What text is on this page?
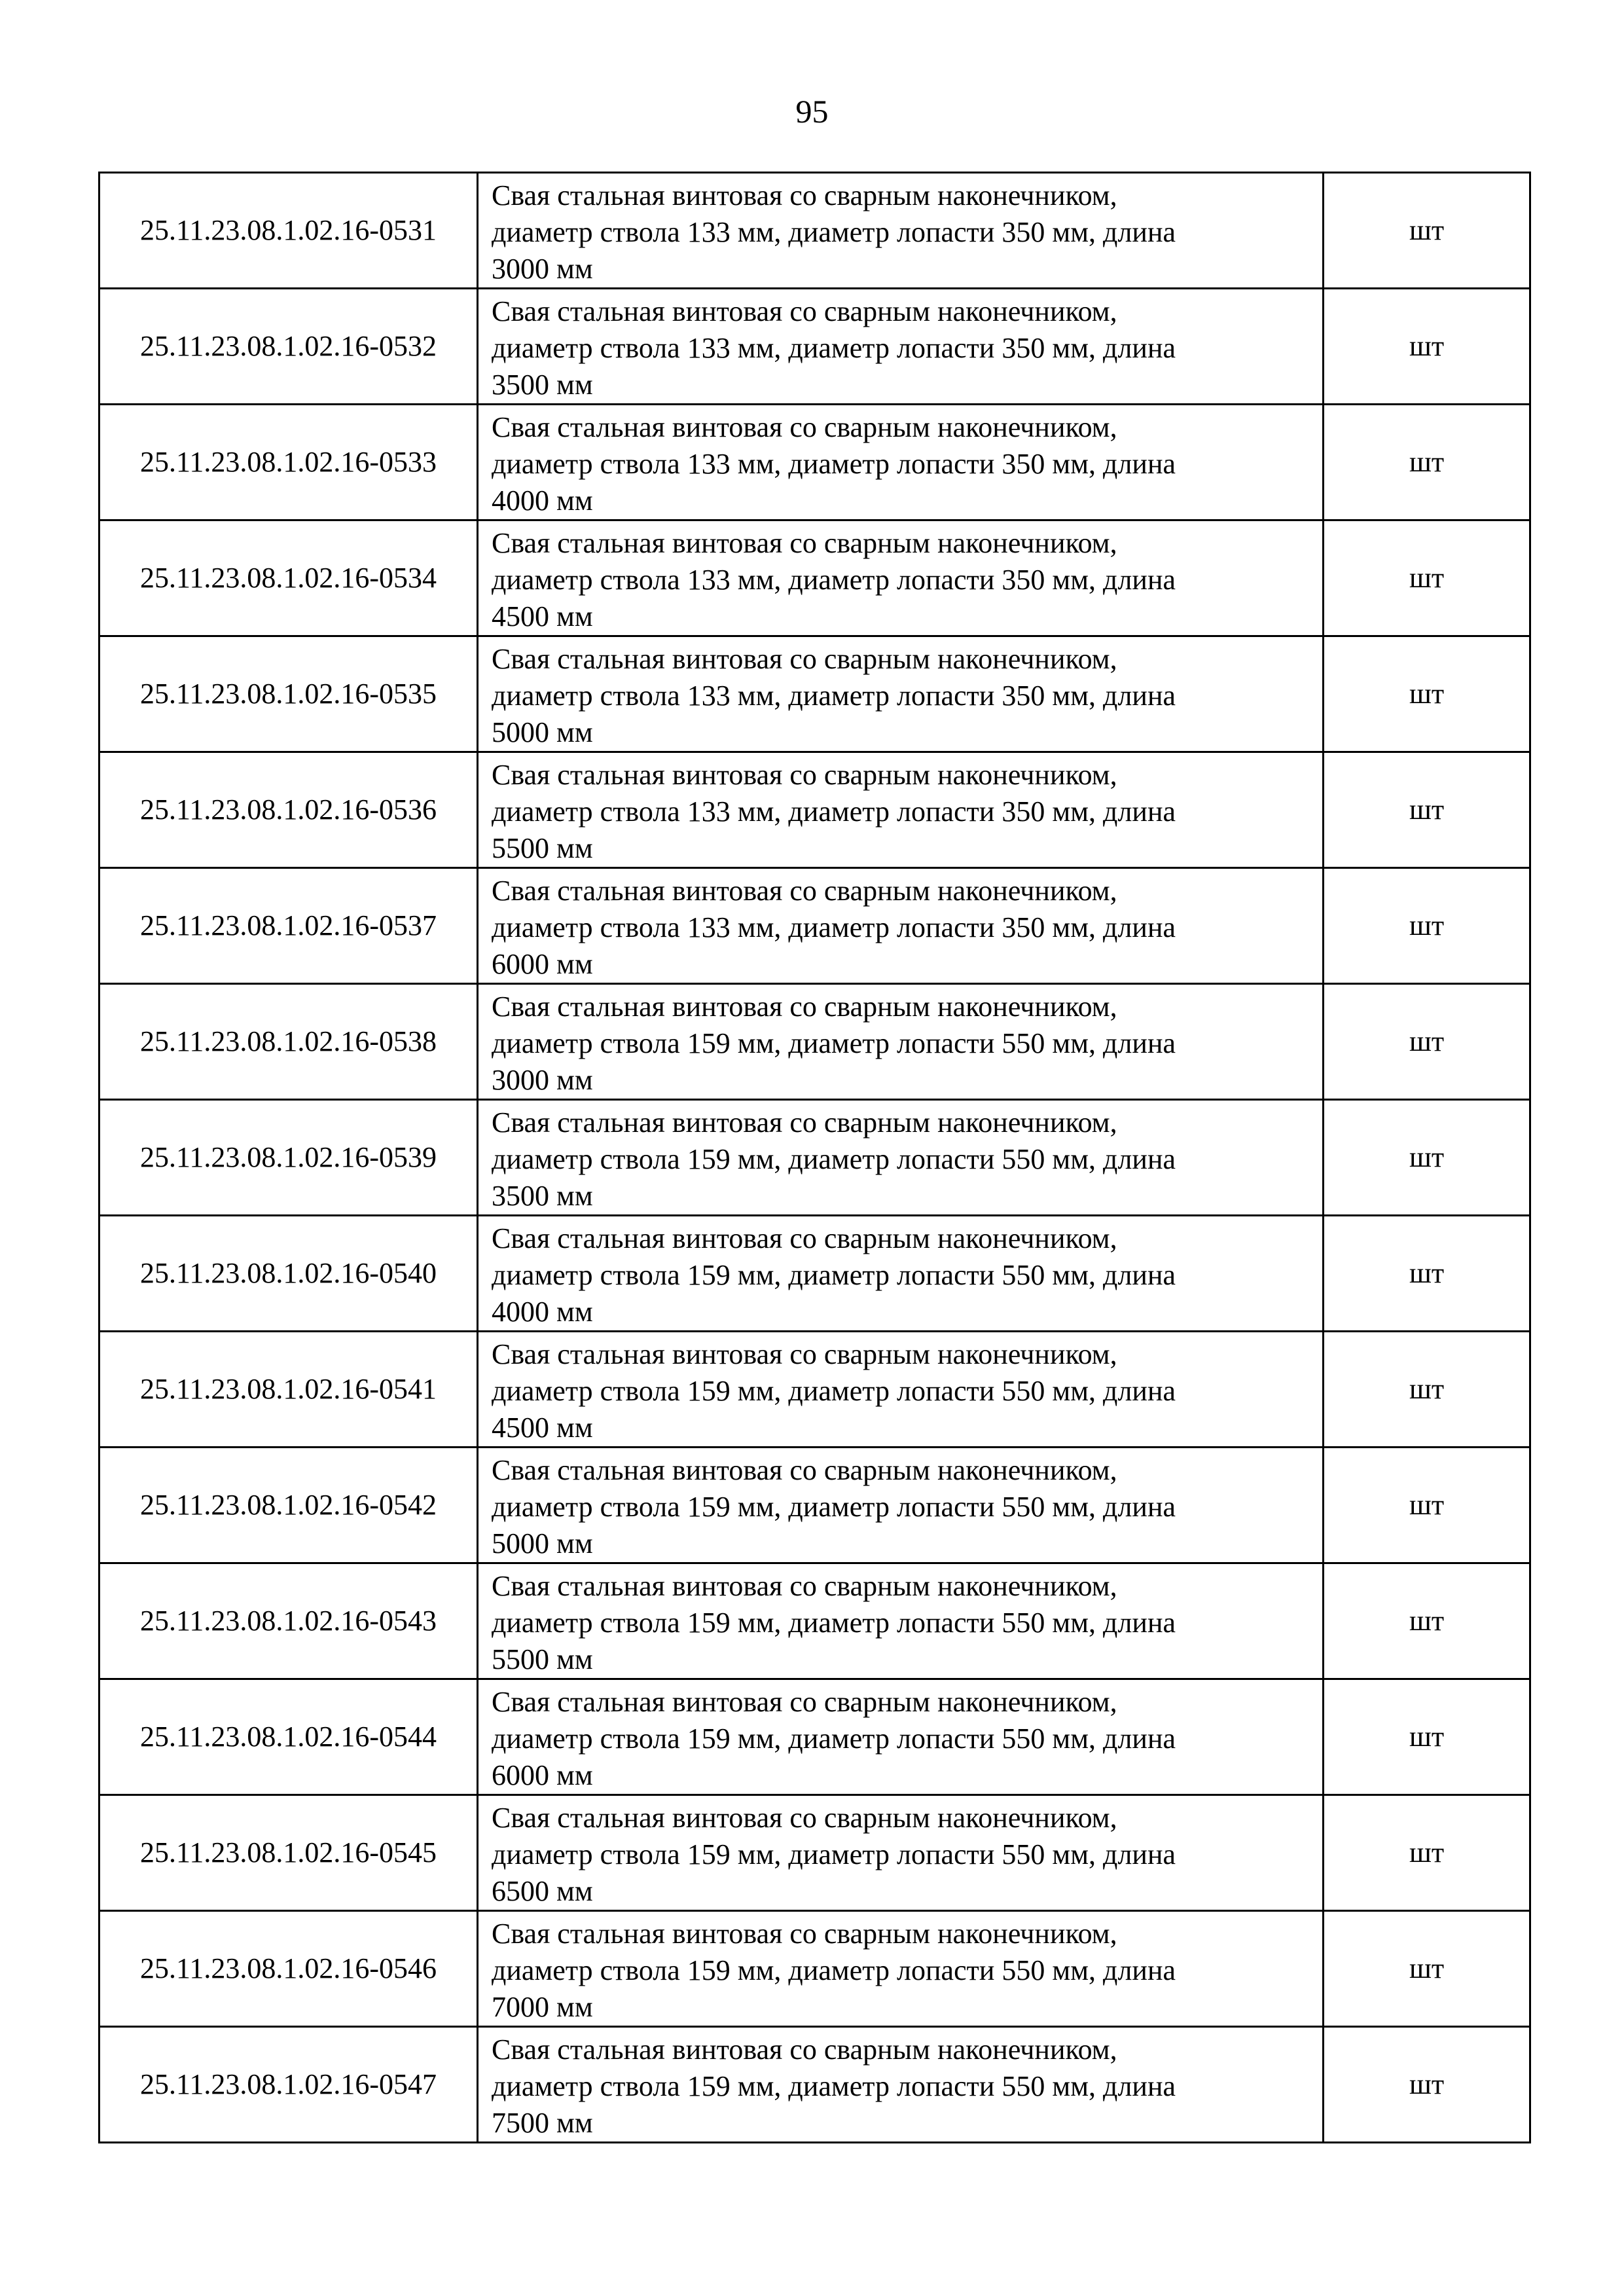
95
25.11.23.08.1.02.16-0531	Свая стальная винтовая со сварным наконечником,
диаметр ствола 133 мм, диаметр лопасти 350 мм, длина
3000 мм	шт
25.11.23.08.1.02.16-0532	Свая стальная винтовая со сварным наконечником,
диаметр ствола 133 мм, диаметр лопасти 350 мм, длина
3500 мм	шт
25.11.23.08.1.02.16-0533	Свая стальная винтовая со сварным наконечником,
диаметр ствола 133 мм, диаметр лопасти 350 мм, длина
4000 мм	шт
25.11.23.08.1.02.16-0534	Свая стальная винтовая со сварным наконечником,
диаметр ствола 133 мм, диаметр лопасти 350 мм, длина
4500 мм	шт
25.11.23.08.1.02.16-0535	Свая стальная винтовая со сварным наконечником,
диаметр ствола 133 мм, диаметр лопасти 350 мм, длина
5000 мм	шт
25.11.23.08.1.02.16-0536	Свая стальная винтовая со сварным наконечником,
диаметр ствола 133 мм, диаметр лопасти 350 мм, длина
5500 мм	шт
25.11.23.08.1.02.16-0537	Свая стальная винтовая со сварным наконечником,
диаметр ствола 133 мм, диаметр лопасти 350 мм, длина
6000 мм	шт
25.11.23.08.1.02.16-0538	Свая стальная винтовая со сварным наконечником,
диаметр ствола 159 мм, диаметр лопасти 550 мм, длина
3000 мм	шт
25.11.23.08.1.02.16-0539	Свая стальная винтовая со сварным наконечником,
диаметр ствола 159 мм, диаметр лопасти 550 мм, длина
3500 мм	шт
25.11.23.08.1.02.16-0540	Свая стальная винтовая со сварным наконечником,
диаметр ствола 159 мм, диаметр лопасти 550 мм, длина
4000 мм	шт
25.11.23.08.1.02.16-0541	Свая стальная винтовая со сварным наконечником,
диаметр ствола 159 мм, диаметр лопасти 550 мм, длина
4500 мм	шт
25.11.23.08.1.02.16-0542	Свая стальная винтовая со сварным наконечником,
диаметр ствола 159 мм, диаметр лопасти 550 мм, длина
5000 мм	шт
25.11.23.08.1.02.16-0543	Свая стальная винтовая со сварным наконечником,
диаметр ствола 159 мм, диаметр лопасти 550 мм, длина
5500 мм	шт
25.11.23.08.1.02.16-0544	Свая стальная винтовая со сварным наконечником,
диаметр ствола 159 мм, диаметр лопасти 550 мм, длина
6000 мм	шт
25.11.23.08.1.02.16-0545	Свая стальная винтовая со сварным наконечником,
диаметр ствола 159 мм, диаметр лопасти 550 мм, длина
6500 мм	шт
25.11.23.08.1.02.16-0546	Свая стальная винтовая со сварным наконечником,
диаметр ствола 159 мм, диаметр лопасти 550 мм, длина
7000 мм	шт
25.11.23.08.1.02.16-0547	Свая стальная винтовая со сварным наконечником,
диаметр ствола 159 мм, диаметр лопасти 550 мм, длина
7500 мм	шт
